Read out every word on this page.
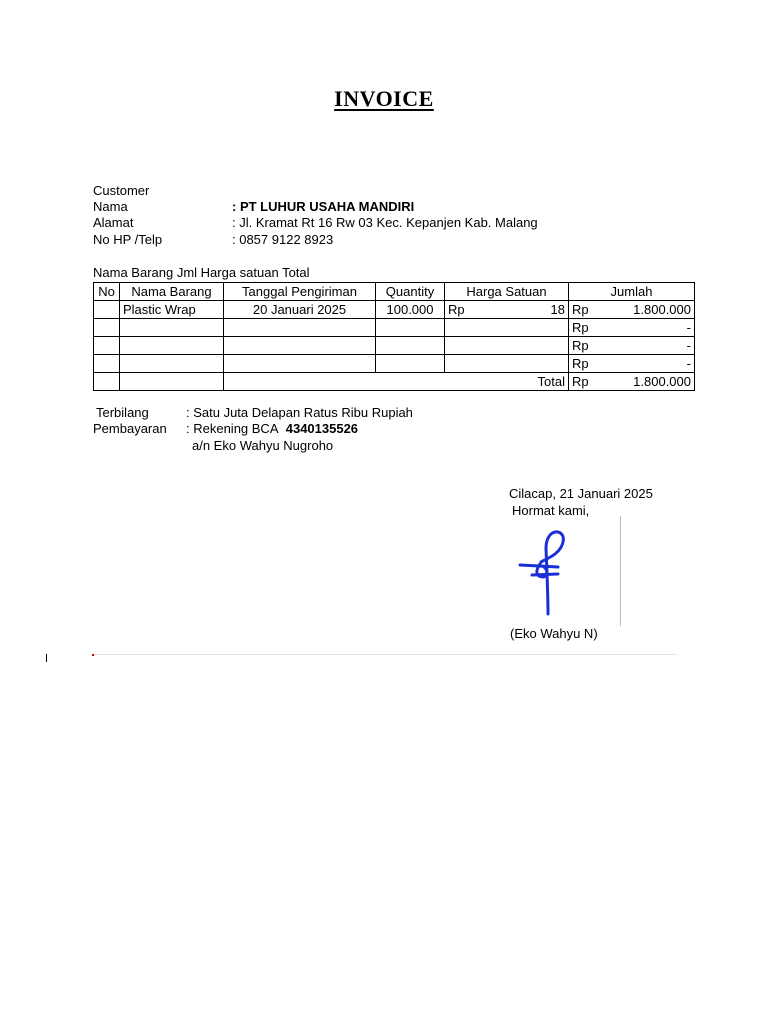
INVOICE
Customer
Nama	: PT LUHUR USAHA MANDIRI
Alamat	: Jl. Kramat Rt 16 Rw 03 Kec. Kepanjen Kab. Malang
No HP /Telp	: 0857 9122 8923
Nama Barang Jml Harga satuan Total
No	Nama Barang	Tanggal Pengiriman	Quantity	Harga Satuan	Jumlah
	Plastic Wrap	20 Januari 2025	100.000	Rp 18	Rp 1.800.000

					Rp -

					Rp -

					Rp -

		Total			Rp 1.800.000
Terbilang	: Satu Juta Delapan Ratus Ribu Rupiah
Pembayaran : Rekening BCA 4340135526
a/n Eko Wahyu Nugroho
Cilacap, 21 Januari 2025
Hormat kami,
(Eko Wahyu N)
